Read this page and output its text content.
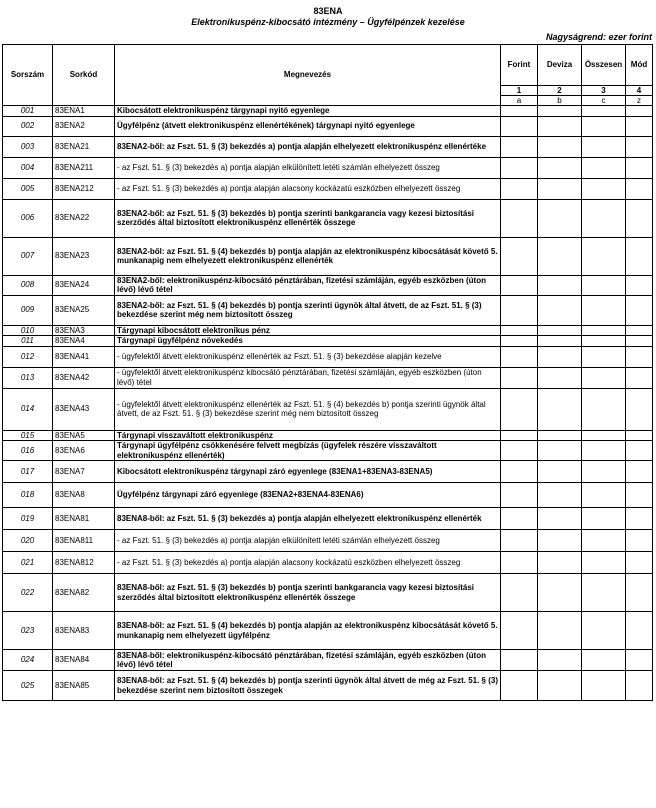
83ENA
Elektronikuspénz-kibocsátó intézmény – Ügyfélpénzek kezelése
Nagyságrend: ezer forint
Sorszám	Sorkód	Megnevezés	Forint	Deviza	Összesen	Mód
			1	2	3	4
			a	b	c	z
001	83ENA1	Kibocsátott elektronikuspénz tárgynapi nyitó egyenlege				
002	83ENA2	Ügyfélpénz (átvett elektronikuspénz ellenértékének) tárgynapi nyitó egyenlege				
003	83ENA21	83ENA2-ből: az Fszt. 51. § (3) bekezdés a) pontja alapján elhelyezett elektronikuspénz ellenértéke				
004	83ENA211	- az Fszt. 51. § (3) bekezdés a) pontja alapján elkülönített letéti számlán elhelyezett összeg				
005	83ENA212	- az Fszt. 51. § (3) bekezdés a) pontja alapján alacsony kockázatú eszközben elhelyezett összeg				
006	83ENA22	83ENA2-ből: az Fszt. 51. § (3) bekezdés b) pontja szerinti bankgarancia vagy kezesi biztosítási szerződés által biztosított elektronikuspénz ellenérték összege				
007	83ENA23	83ENA2-ből: az Fszt. 51. § (4) bekezdés b) pontja alapján az elektronikuspénz kibocsátását követő 5. munkanapig nem elhelyezett elektronikuspénz ellenérték				
008	83ENA24	83ENA2-ből: elektronikuspénz-kibocsátó pénztárában, fizetési számláján, egyéb eszközben (úton lévő) lévő tétel				
009	83ENA25	83ENA2-ből: az Fszt. 51. § (4) bekezdés b) pontja szerinti ügynök által átvett, de az Fszt. 51. § (3) bekezdése szerint még nem biztosított összeg				
010	83ENA3	Tárgynapi kibocsátott elektronikus pénz				
011	83ENA4	Tárgynapi ügyfélpénz növekedés				
012	83ENA41	- ügyfelektől átvett elektronikuspénz ellenérték az Fszt. 51. § (3) bekezdése alapján kezelve				
013	83ENA42	- ügyfelektől átvett elektronikuspénz kibocsátó pénztárában, fizetési számláján, egyéb eszközben (úton lévő) tétel				
014	83ENA43	- ügyfelektől átvett elektronikuspénz ellenérték az Fszt. 51. § (4) bekezdés b) pontja szerinti ügynök által átvett, de az Fszt. 51. § (3) bekezdése szerint még nem biztosított összeg				
015	83ENA5	Tárgynapi visszaváltott elektronikuspénz				
016	83ENA6	Tárgynapi ügyfélpénz csökkenésére felvett megbízás (ügyfelek részére visszaváltott elektronikuspénz ellenérték)				
017	83ENA7	Kibocsátott elektronikuspénz tárgynapi záró egyenlege (83ENA1+83ENA3-83ENA5)				
018	83ENA8	Ügyfélpénz tárgynapi záró egyenlege (83ENA2+83ENA4-83ENA6)				
019	83ENA81	83ENA8-ből: az Fszt. 51. § (3) bekezdés a) pontja alapján elhelyezett elektronikuspénz ellenérték				
020	83ENA811	- az Fszt. 51. § (3) bekezdés a) pontja alapján elkülönített letéti számlán elhelyezett összeg				
021	83ENA812	- az Fszt. 51. § (3) bekezdés a) pontja alapján alacsony kockázatú eszközben elhelyezett összeg				
022	83ENA82	83ENA8-ből: az Fszt. 51. § (3) bekezdés b) pontja szerinti bankgarancia vagy kezesi biztosítási szerződés által biztosított elektronikuspénz ellenérték összege				
023	83ENA83	83ENA8-ből: az Fszt. 51. § (4) bekezdés b) pontja alapján az elektronikuspénz kibocsátását követő 5. munkanapig nem elhelyezett ügyfélpénz				
024	83ENA84	83ENA8-ből: elektronikuspénz-kibocsátó pénztárában, fizetési számláján, egyéb eszközben (úton lévő) lévő tétel				
025	83ENA85	83ENA8-ből: az Fszt. 51. § (4) bekezdés b) pontja szerinti ügynök által átvett de még az Fszt. 51. § (3) bekezdése szerint nem biztosított összegek				
